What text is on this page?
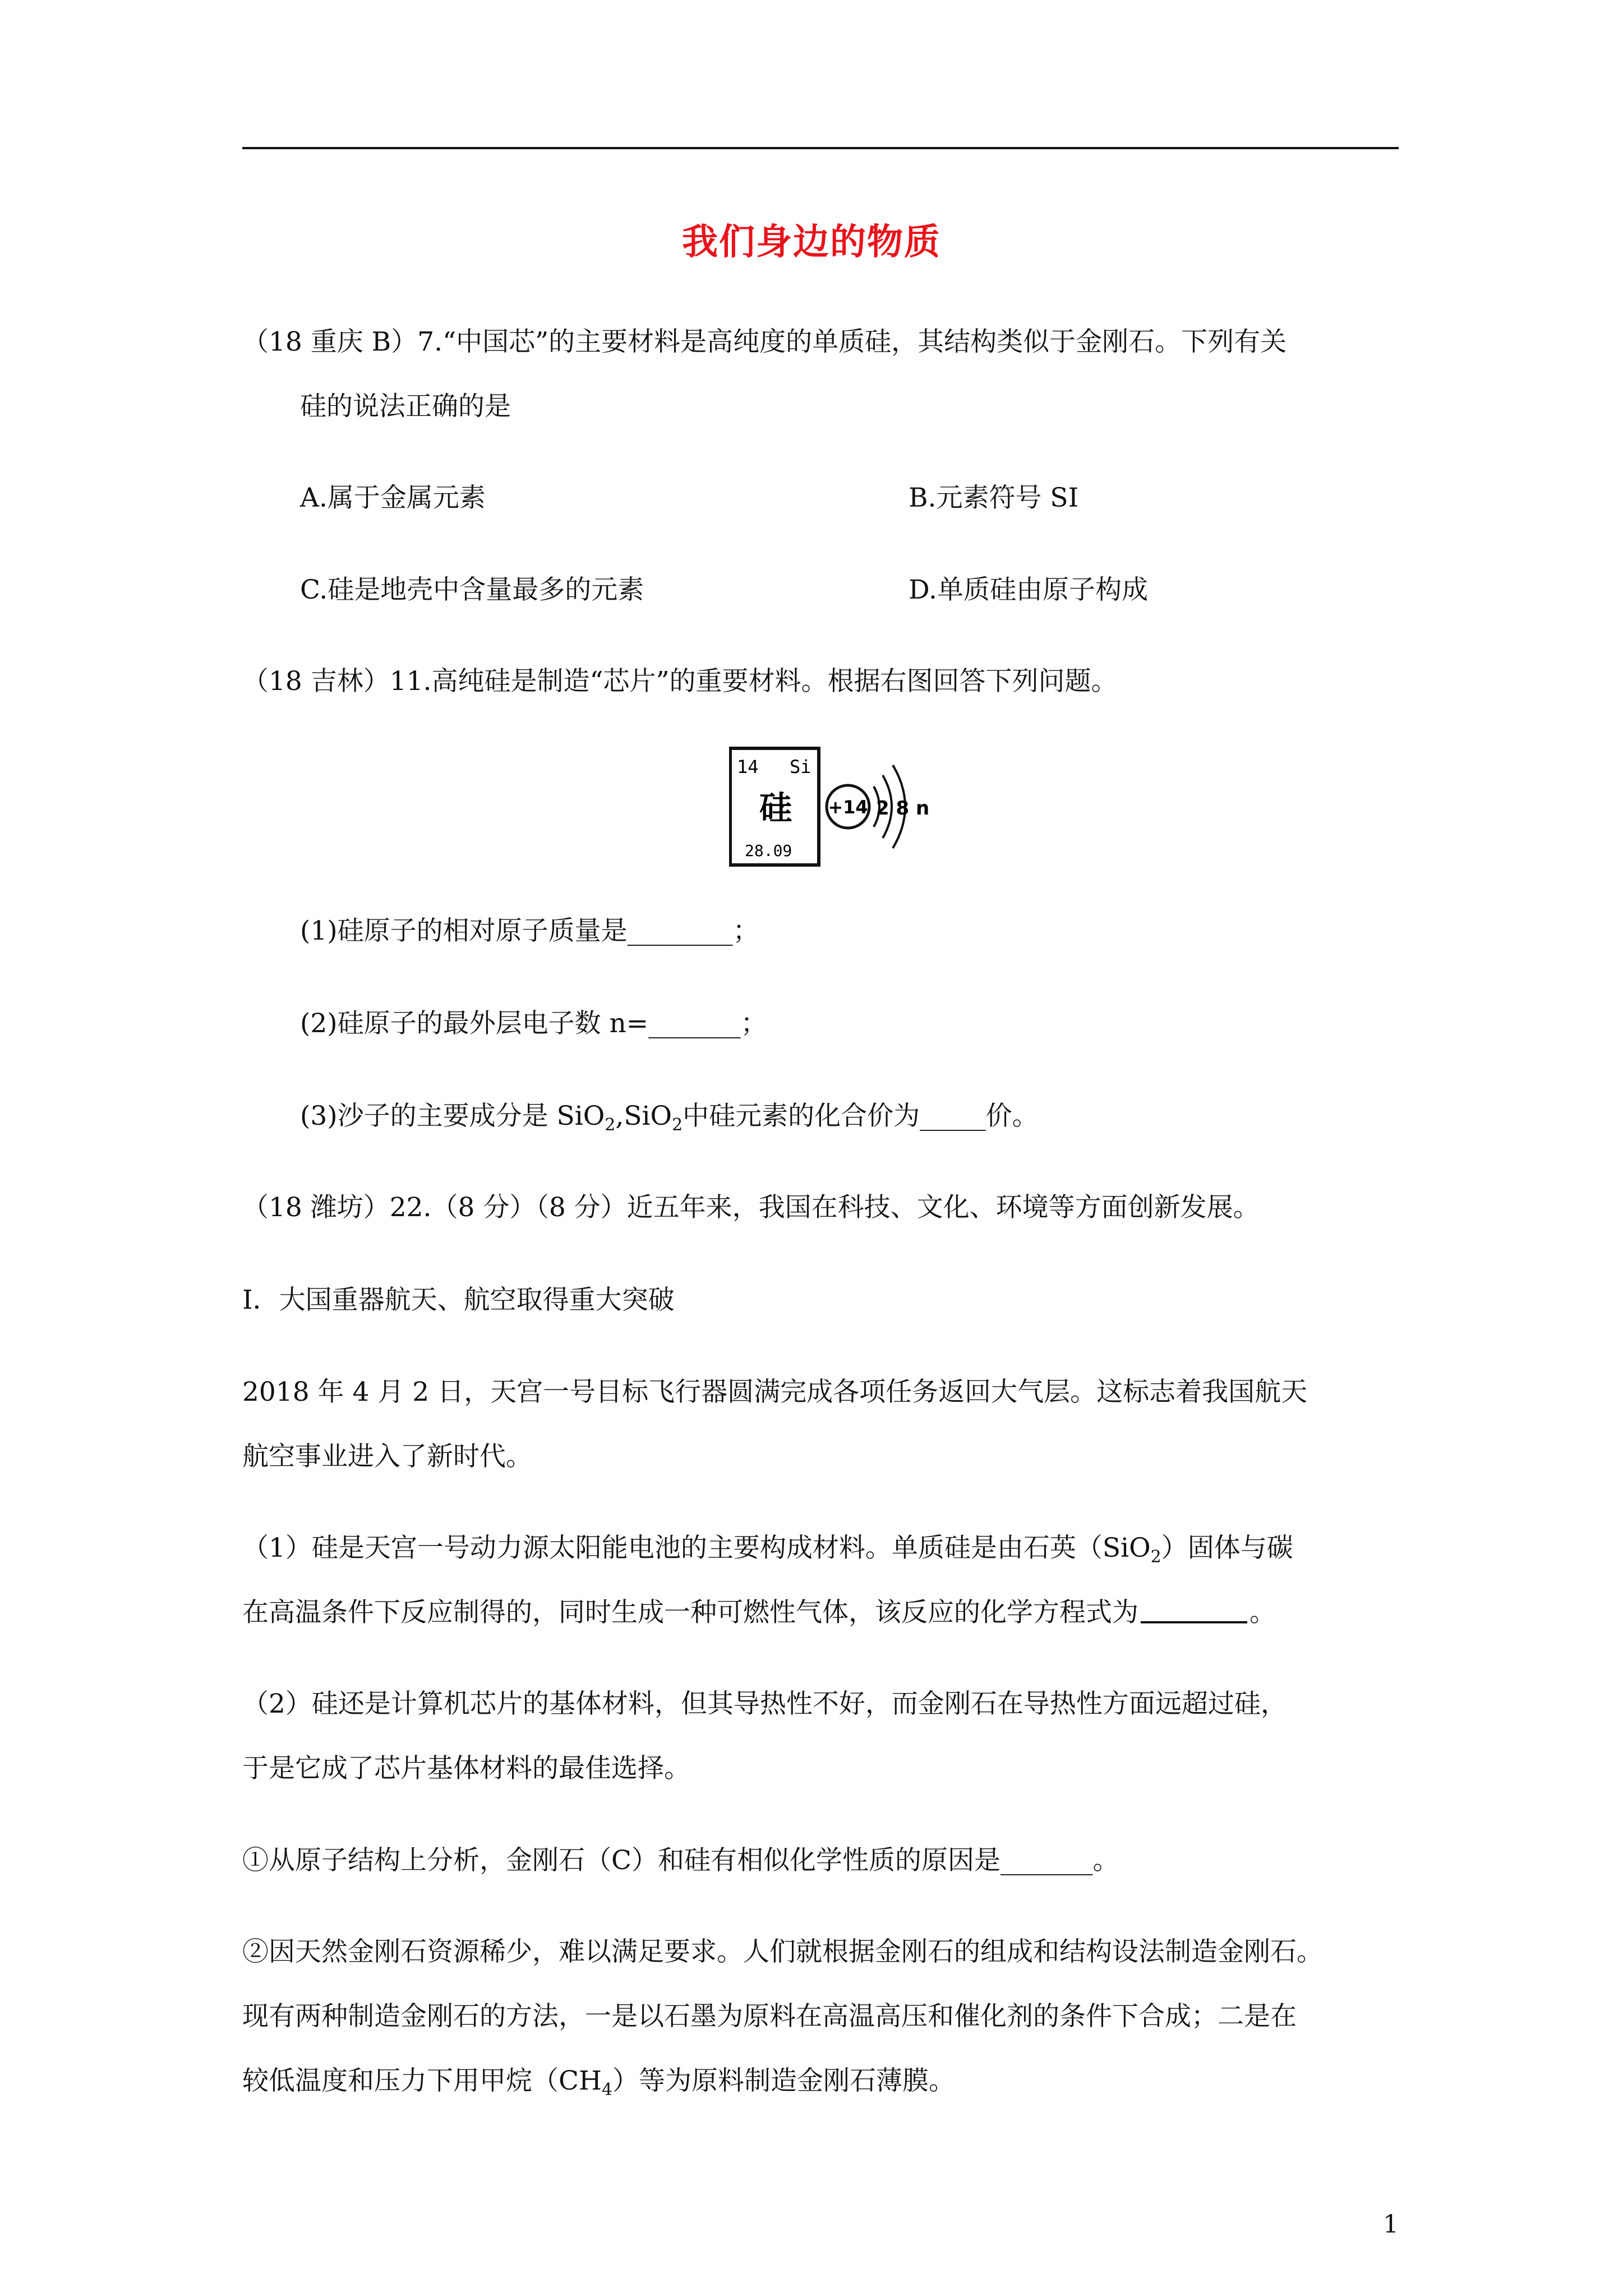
我们身边的物质
（18 重庆 B）7.“中国芯”的主要材料是高纯度的单质硅，其结构类似于金刚石。下列有关
硅的说法正确的是
A.属于金属元素	B.元素符号 SI
C.硅是地壳中含量最多的元素	D.单质硅由原子构成
（18 吉林）11.高纯硅是制造“芯片”的重要材料。根据右图回答下列问题。
14 Si
硅
28.09
+14 2 8 n
(1)硅原子的相对原子质量是________；
(2)硅原子的最外层电子数 n=_______；
(3)沙子的主要成分是 SiO$_2$,SiO$_2$中硅元素的化合价为_____价。
（18 潍坊）22.（8 分）（8 分）近五年来，我国在科技、文化、环境等方面创新发展。
I．大国重器航天、航空取得重大突破
2018 年 4 月 2 日，天宫一号目标飞行器圆满完成各项任务返回大气层。这标志着我国航天
航空事业进入了新时代。
（1）硅是天宫一号动力源太阳能电池的主要构成材料。单质硅是由石英（SiO$_2$）固体与碳
在高温条件下反应制得的，同时生成一种可燃性气体，该反应的化学方程式为	。
（2）硅还是计算机芯片的基体材料，但其导热性不好，而金刚石在导热性方面远超过硅，
于是它成了芯片基体材料的最佳选择。
①从原子结构上分析，金刚石（C）和硅有相似化学性质的原因是_______。
②因天然金刚石资源稀少，难以满足要求。人们就根据金刚石的组成和结构设法制造金刚石。
现有两种制造金刚石的方法，一是以石墨为原料在高温高压和催化剂的条件下合成；二是在
较低温度和压力下用甲烷$(CH_4)$等为原料制造金刚石薄膜。
1
